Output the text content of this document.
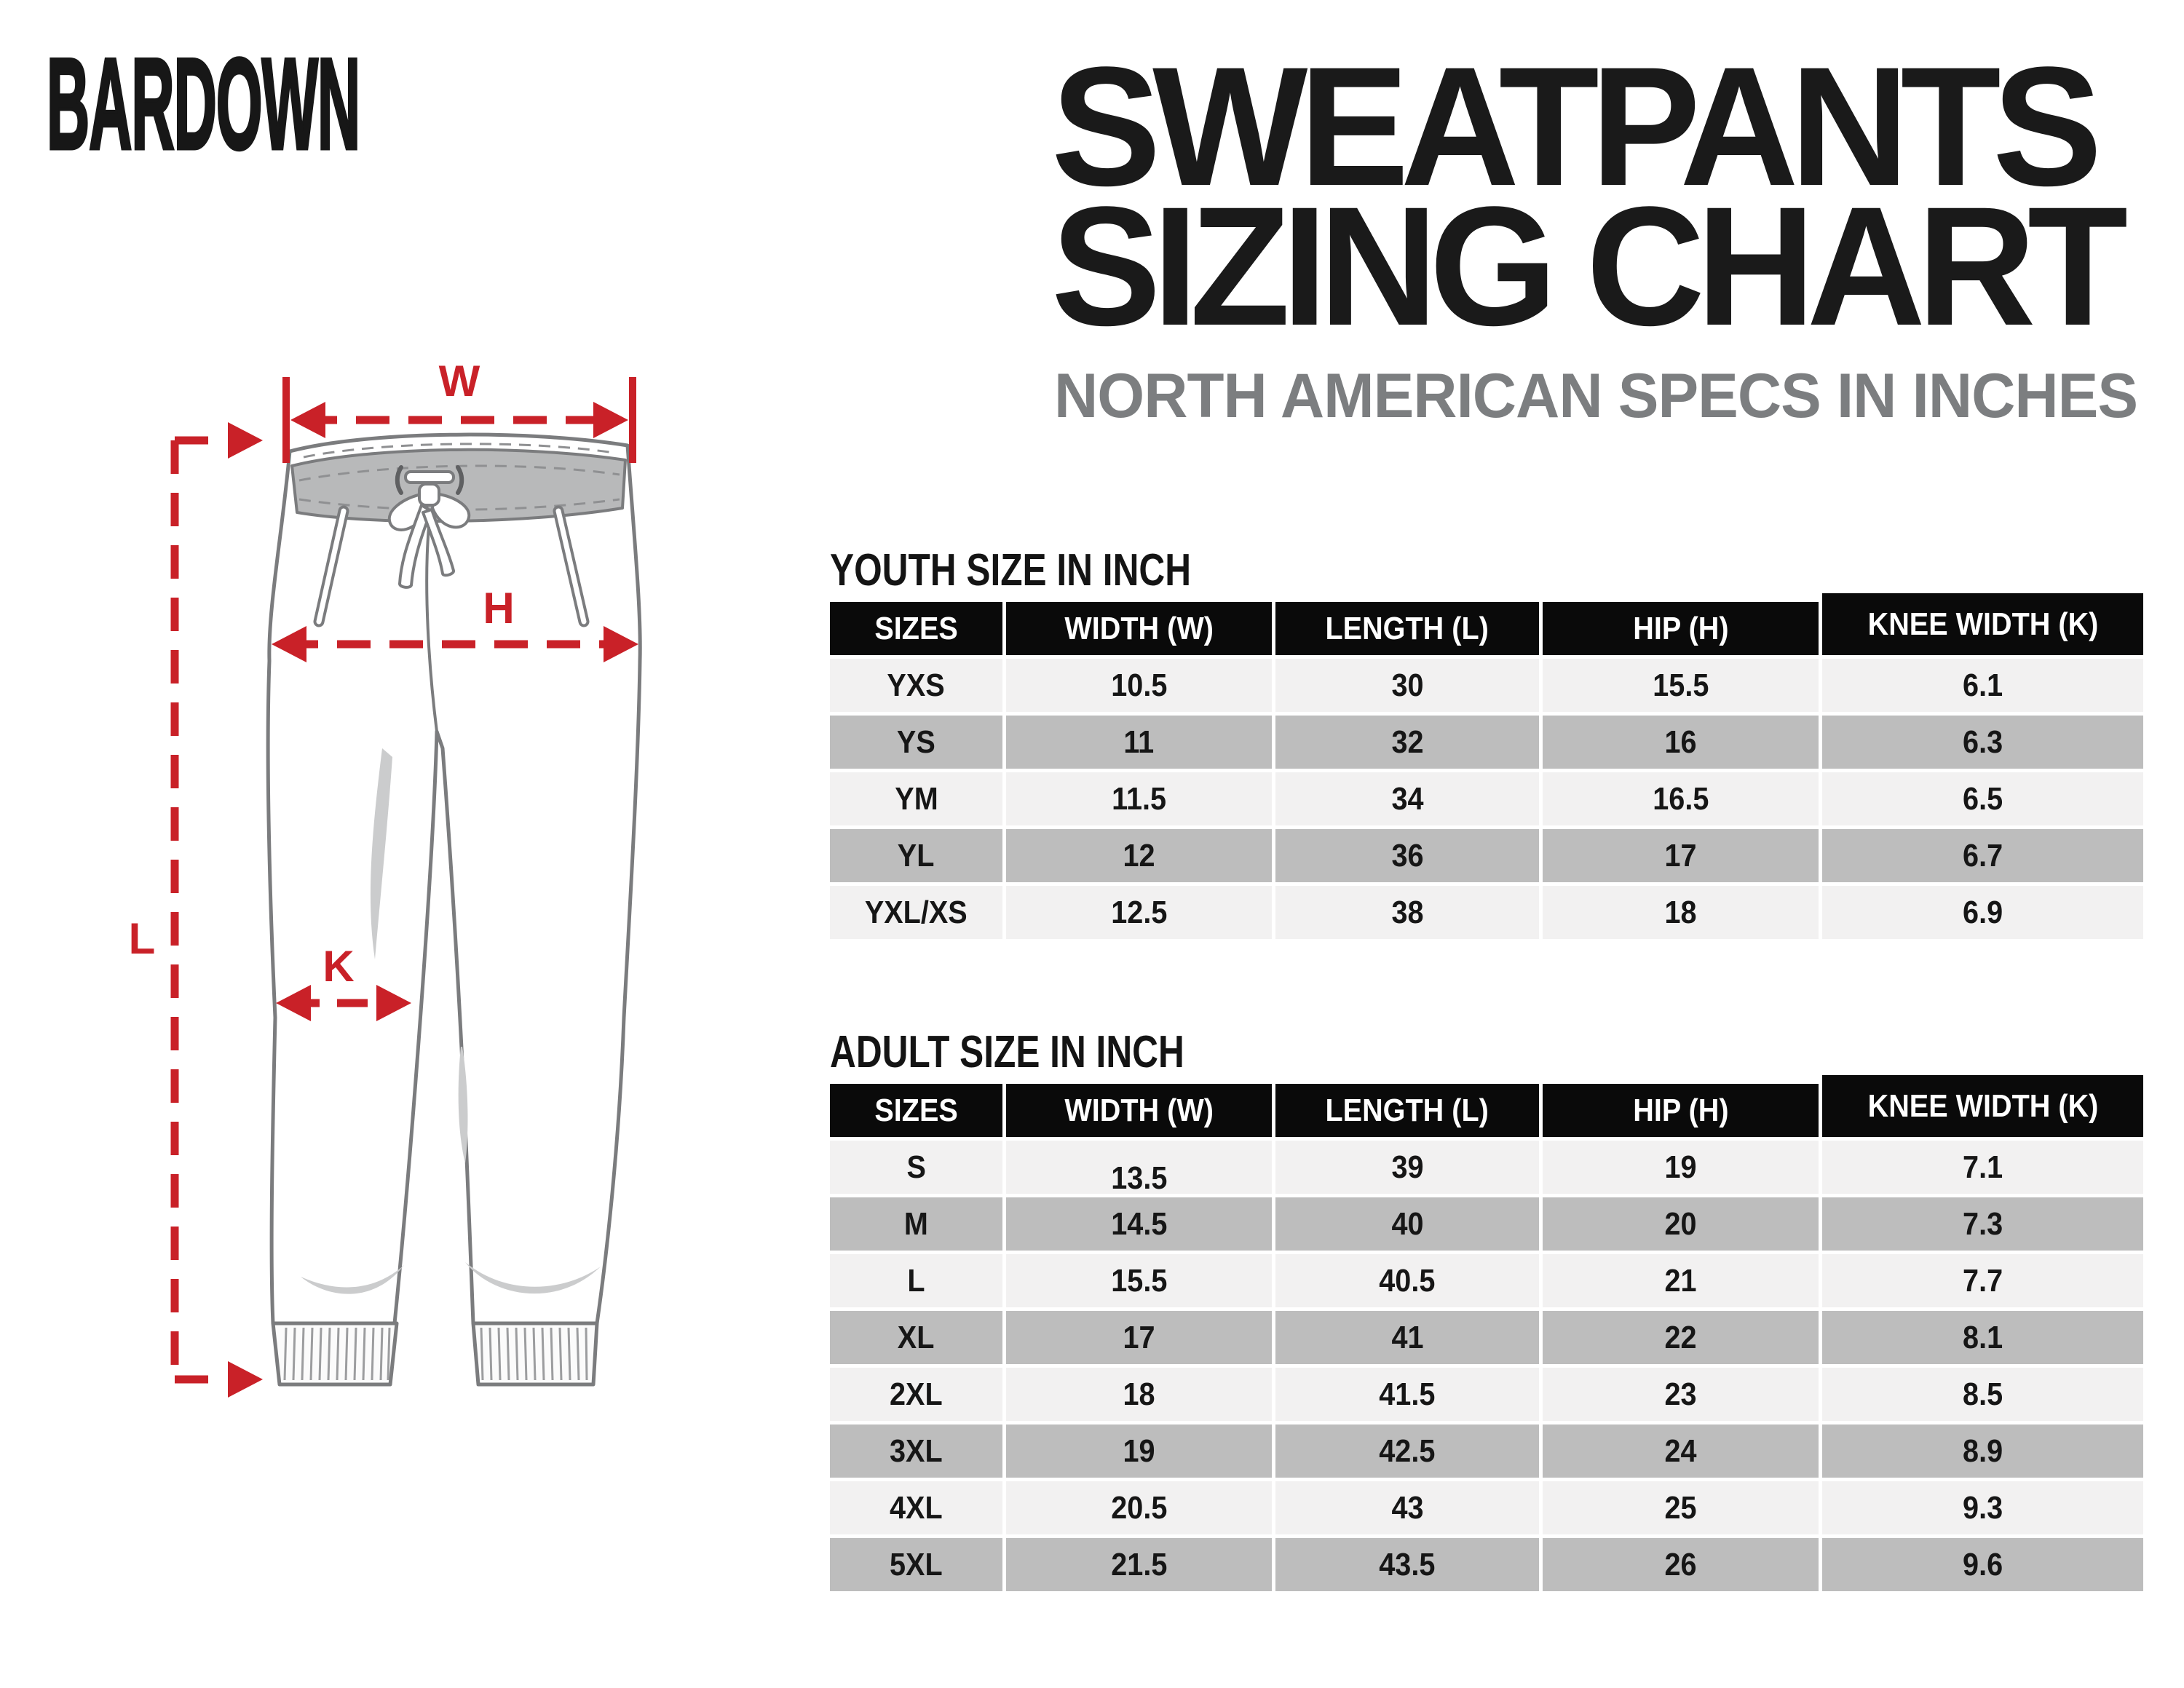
BARDOWN	SWEATPANTS
SIZING CHART
NORTH AMERICAN SPECS IN INCHES
W
L
H
K
YOUTH SIZE IN INCH
SIZES	WIDTH (W)	LENGTH (L)	HIP (H)	KNEE WIDTH (K)
YXS	10.5	30	15.5	6.1
YS	11	32	16	6.3
YM	11.5	34	16.5	6.5
YL	12	36	17	6.7
YXL/XS	12.5	38	18	6.9
ADULT SIZE IN INCH
SIZES	WIDTH (W)	LENGTH (L)	HIP (H)	KNEE WIDTH (K)
S	13.5	39	19	7.1
M	14.5	40	20	7.3
L	15.5	40.5	21	7.7
XL	17	41	22	8.1
2XL	18	41.5	23	8.5
3XL	19	42.5	24	8.9
4XL	20.5	43	25	9.3
5XL	21.5	43.5	26	9.6
